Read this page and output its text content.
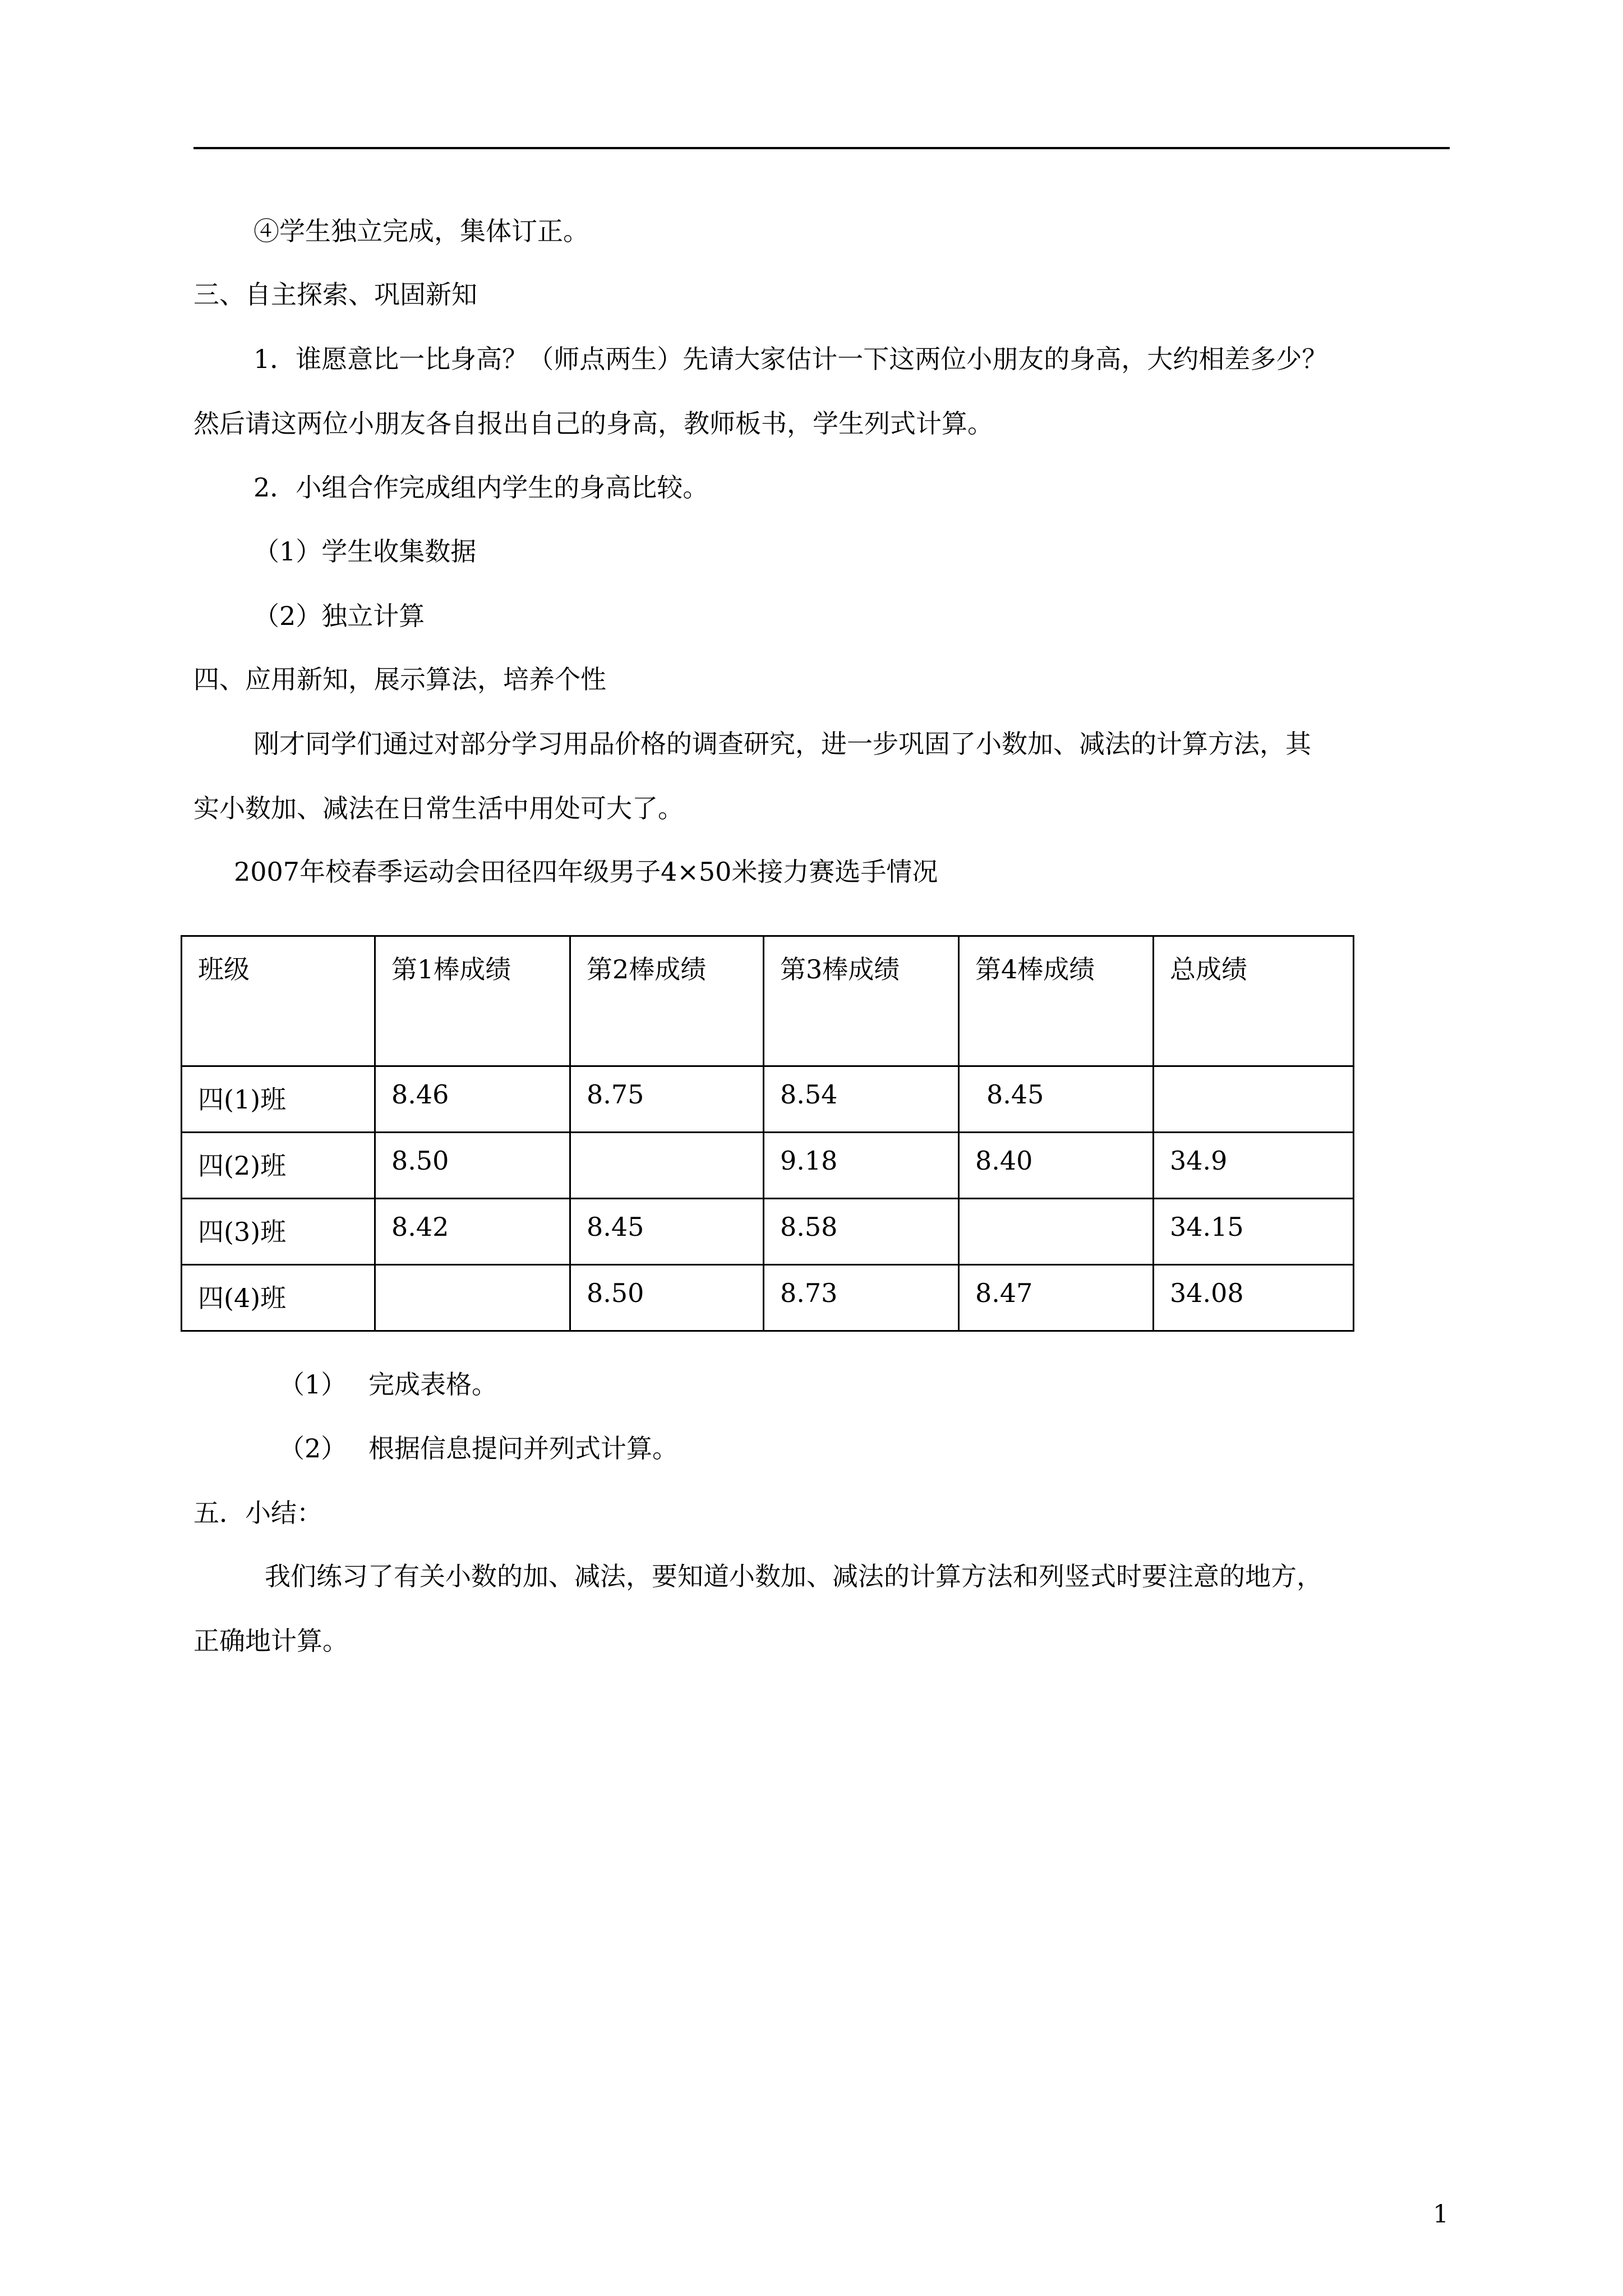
④学生独立完成，集体订正。
三、自主探索、巩固新知
1．谁愿意比一比身高？（师点两生）先请大家估计一下这两位小朋友的身高，大约相差多少？
然后请这两位小朋友各自报出自己的身高，教师板书，学生列式计算。
2．小组合作完成组内学生的身高比较。
（1）学生收集数据
（2）独立计算
四、应用新知，展示算法，培养个性
刚才同学们通过对部分学习用品价格的调查研究，进一步巩固了小数加、减法的计算方法，其
实小数加、减法在日常生活中用处可大了。
2007年校春季运动会田径四年级男子4×50米接力赛选手情况
班级	第1棒成绩	第2棒成绩	第3棒成绩	第4棒成绩	总成绩
四(1)班	8.46	8.75	8.54	8.45	
四(2)班	8.50		9.18	8.40	34.9
四(3)班	8.42	8.45	8.58		34.15
四(4)班		8.50	8.73	8.47	34.08
（1） 完成表格。
（2） 根据信息提问并列式计算。
五．小结：
我们练习了有关小数的加、减法，要知道小数加、减法的计算方法和列竖式时要注意的地方，
正确地计算。
1
